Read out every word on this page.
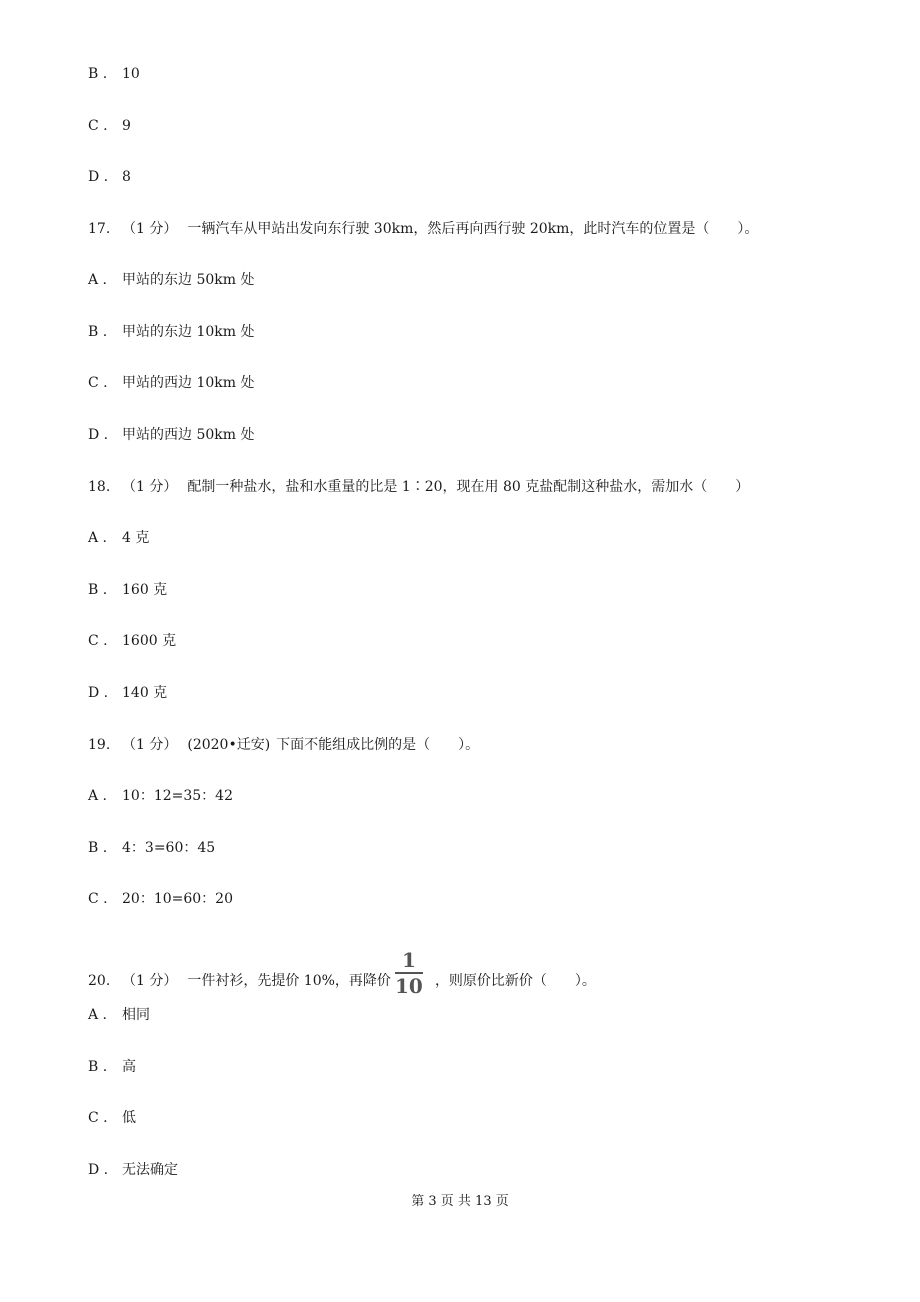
B . 10
C . 9
D . 8
17. （1 分） 一辆汽车从甲站出发向东行驶 30km，然后再向西行驶 20km，此时汽车的位置是（　　）。
A . 甲站的东边 50km 处
B . 甲站的东边 10km 处
C . 甲站的西边 10km 处
D . 甲站的西边 50km 处
18. （1 分） 配制一种盐水，盐和水重量的比是 1∶20，现在用 80 克盐配制这种盐水，需加水（　　）
A . 4 克
B . 160 克
C . 1600 克
D . 140 克
19. （1 分） (2020•迁安) 下面不能组成比例的是（　　）。
A . 10：12=35：42
B . 4：3=60：45
C . 20：10=60：20
20. （1 分） 一件衬衫，先提价 10%，再降价 $\frac{1}{10}$ ，则原价比新价（　　）。
A . 相同
B . 高
C . 低
D . 无法确定
第 3 页 共 13 页
